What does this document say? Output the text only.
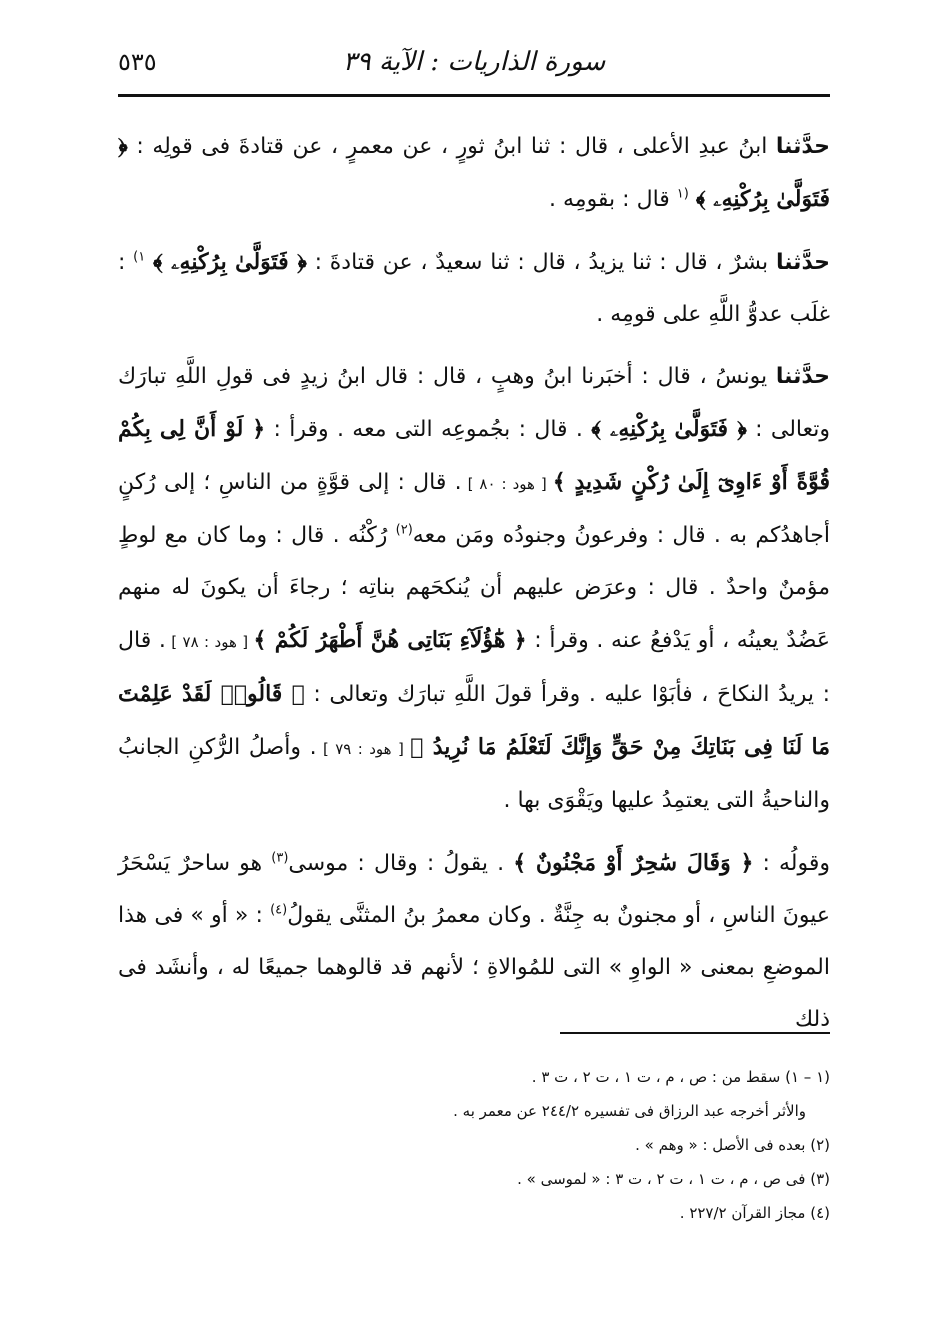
سورة الذاريات : الآية ٣٩
٥٣٥

حدَّثنا ابنُ عبدِ الأعلى ، قال : ثنا ابنُ ثورٍ ، عن معمرٍ ، عن قتادةَ فى قولِه : ﴿ فَتَوَلَّىٰ بِرُكْنِهِۦ ﴾ $^{(١}$ قال : بقومِه .

حدَّثنا بشرٌ ، قال : ثنا يزيدُ ، قال : ثنا سعيدٌ ، عن قتادةَ : ﴿ فَتَوَلَّىٰ بِرُكْنِهِۦ ﴾ $^{١)}$ : غلَب عدوُّ اللَّهِ على قومِه .

حدَّثنا يونسُ ، قال : أخبَرنا ابنُ وهبٍ ، قال : قال ابنُ زيدٍ فى قولِ اللَّهِ تبارَك وتعالى : ﴿ فَتَوَلَّىٰ بِرُكْنِهِۦ ﴾ . قال : بجُموعِه التى معه . وقرأ : ﴿ لَوْ أَنَّ لِى بِكُمْ قُوَّةً أَوْ ءَاوِىٓ إِلَىٰ رُكْنٍ شَدِيدٍ ﴾ [ هود : ٨٠ ] . قال : إلى قوَّةٍ من الناسِ ؛ إلى رُكنٍ أجاهدُكم به . قال : وفرعونُ وجنودُه ومَن معه$^{(٢)}$ رُكْنُه . قال : وما كان مع لوطٍ مؤمنٌ واحدٌ . قال : وعرَض عليهم أن يُنكحَهم بناتِه ؛ رجاءَ أن يكونَ له منهم عَضُدٌ يعينُه ، أو يَدْفعُ عنه . وقرأ : ﴿ هَٰٓؤُلَآءِ بَنَاتِى هُنَّ أَطْهَرُ لَكُمْ ﴾ [ هود : ٧٨ ] . قال : يريدُ النكاحَ ، فأبَوْا عليه . وقرأ قولَ اللَّهِ تبارَك وتعالى : ﴿ قَالُوا۟ لَقَدْ عَلِمْتَ مَا لَنَا فِى بَنَاتِكَ مِنْ حَقٍّ وَإِنَّكَ لَتَعْلَمُ مَا نُرِيدُ ﴾ [ هود : ٧٩ ] . وأصلُ الرُّكنِ الجانبُ والناحيةُ التى يعتمِدُ عليها ويَقْوَى بها .

وقولُه : ﴿ وَقَالَ سَٰحِرٌ أَوْ مَجْنُونٌ ﴾ . يقولُ : وقال : موسى$^{(٣)}$ هو ساحرٌ يَسْحَرُ عيونَ الناسِ ، أو مجنونٌ به جِنَّةٌ . وكان معمرُ بنُ المثنَّى يقولُ$^{(٤)}$ : « أو » فى هذا الموضعِ بمعنى « الواوِ » التى للمُوالاةِ ؛ لأنهم قد قالوهما جميعًا له ، وأنشَد فى ذلك

(١ – ١) سقط من : ص ، م ، ت ١ ، ت ٢ ، ت ٣ .

والأثر أخرجه عبد الرزاق فى تفسيره ٢٤٤/٢ عن معمر به .

(٢) بعده فى الأصل : « وهم » .

(٣) فى ص ، م ، ت ١ ، ت ٢ ، ت ٣ : « لموسى » .

(٤) مجاز القرآن ٢٢٧/٢ .
